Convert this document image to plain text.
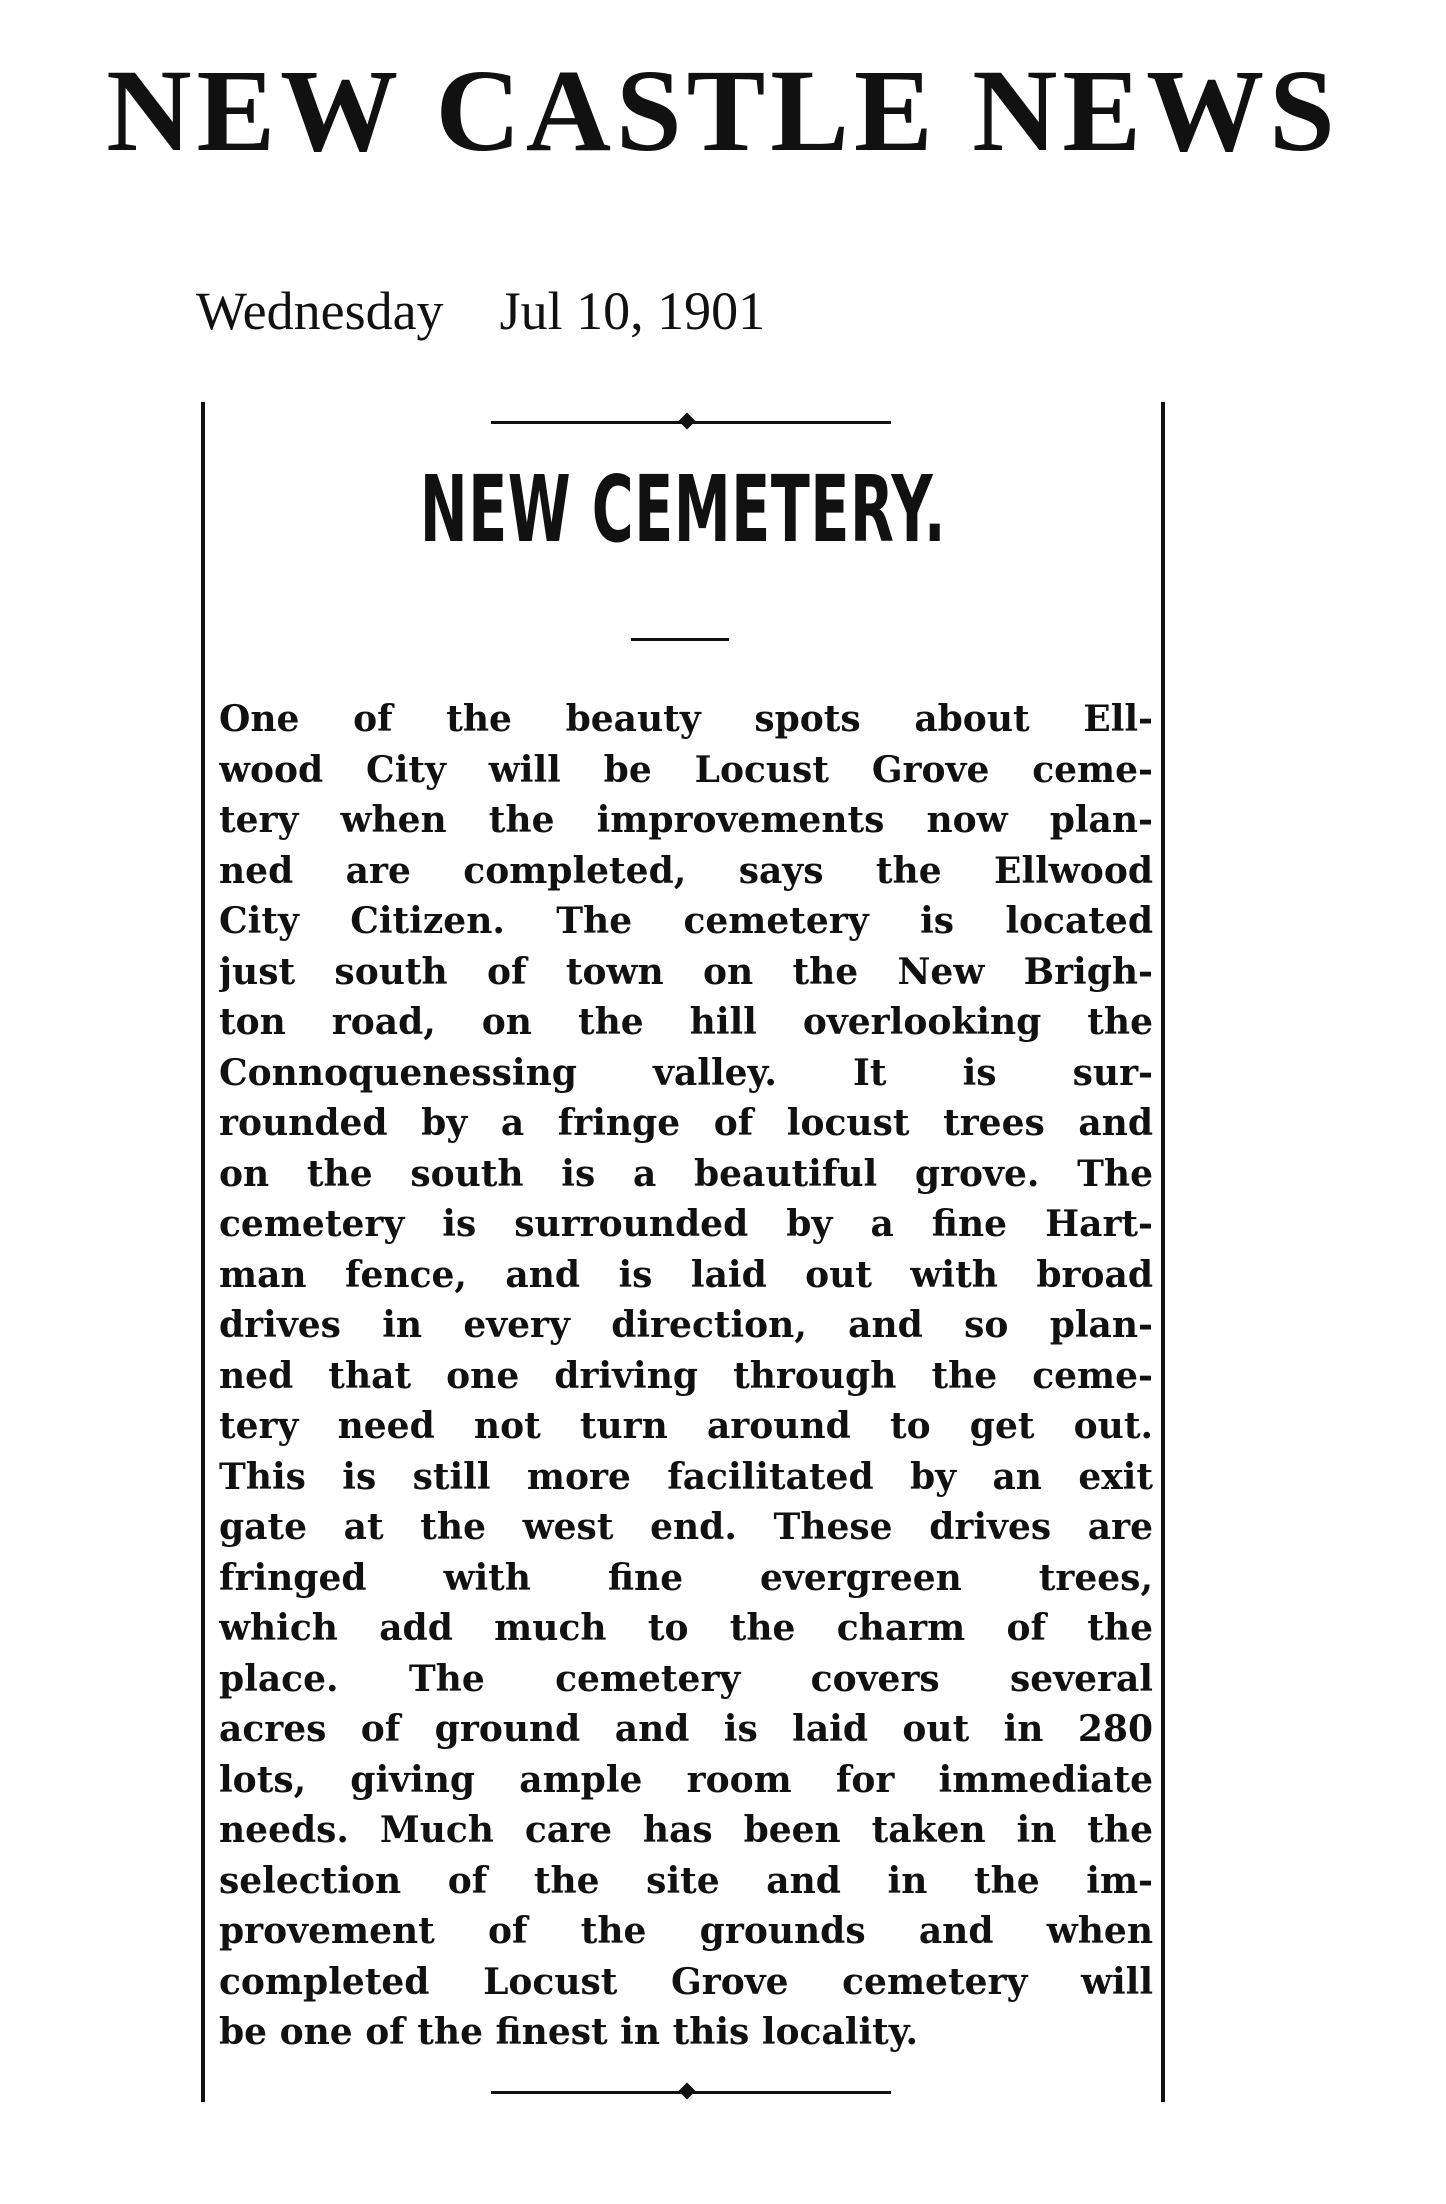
NEW CASTLE NEWS
Wednesday Jul 10, 1901
NEW CEMETERY.
One of the beauty spots about Ell-
wood City will be Locust Grove ceme-
tery when the improvements now plan-
ned are completed, says the Ellwood
City Citizen. The cemetery is located
just south of town on the New Brigh-
ton road, on the hill overlooking the
Connoquenessing valley. It is sur-
rounded by a fringe of locust trees and
on the south is a beautiful grove. The
cemetery is surrounded by a fine Hart-
man fence, and is laid out with broad
drives in every direction, and so plan-
ned that one driving through the ceme-
tery need not turn around to get out.
This is still more facilitated by an exit
gate at the west end. These drives are
fringed with fine evergreen trees,
which add much to the charm of the
place. The cemetery covers several
acres of ground and is laid out in 280
lots, giving ample room for immediate
needs. Much care has been taken in the
selection of the site and in the im-
provement of the grounds and when
completed Locust Grove cemetery will
be one of the finest in this locality.
